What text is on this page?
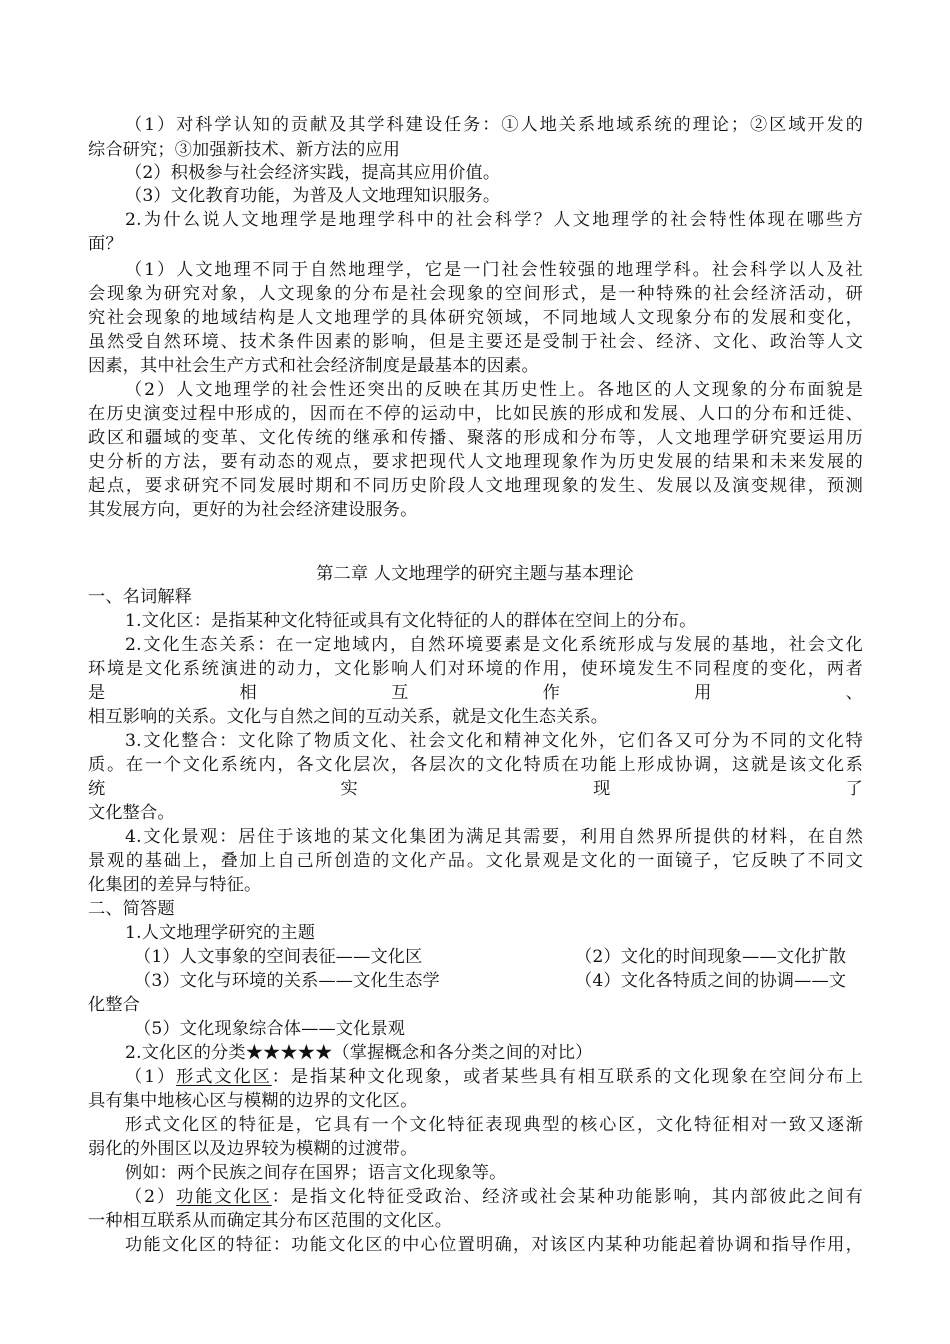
（1）对科学认知的贡献及其学科建设任务：①人地关系地域系统的理论；②区域开发的
综合研究；③加强新技术、新方法的应用
（2）积极参与社会经济实践，提高其应用价值。
（3）文化教育功能，为普及人文地理知识服务。
2.为什么说人文地理学是地理学科中的社会科学？人文地理学的社会特性体现在哪些方
面？
（1）人文地理不同于自然地理学，它是一门社会性较强的地理学科。社会科学以人及社
会现象为研究对象，人文现象的分布是社会现象的空间形式，是一种特殊的社会经济活动，研
究社会现象的地域结构是人文地理学的具体研究领域，不同地域人文现象分布的发展和变化，
虽然受自然环境、技术条件因素的影响，但是主要还是受制于社会、经济、文化、政治等人文
因素，其中社会生产方式和社会经济制度是最基本的因素。
（2）人文地理学的社会性还突出的反映在其历史性上。各地区的人文现象的分布面貌是
在历史演变过程中形成的，因而在不停的运动中，比如民族的形成和发展、人口的分布和迁徙、
政区和疆域的变革、文化传统的继承和传播、聚落的形成和分布等，人文地理学研究要运用历
史分析的方法，要有动态的观点，要求把现代人文地理现象作为历史发展的结果和未来发展的
起点，要求研究不同发展时期和不同历史阶段人文地理现象的发生、发展以及演变规律，预测
其发展方向，更好的为社会经济建设服务。
第二章 人文地理学的研究主题与基本理论
一、名词解释
1.文化区：是指某种文化特征或具有文化特征的人的群体在空间上的分布。
2.文化生态关系：在一定地域内，自然环境要素是文化系统形成与发展的基地，社会文化
环境是文化系统演进的动力，文化影响人们对环境的作用，使环境发生不同程度的变化，两者
是相互作用、
相互影响的关系。文化与自然之间的互动关系，就是文化生态关系。
3.文化整合：文化除了物质文化、社会文化和精神文化外，它们各又可分为不同的文化特
质。在一个文化系统内，各文化层次，各层次的文化特质在功能上形成协调，这就是该文化系
统实现了
文化整合。
4.文化景观：居住于该地的某文化集团为满足其需要，利用自然界所提供的材料，在自然
景观的基础上，叠加上自己所创造的文化产品。文化景观是文化的一面镜子，它反映了不同文
化集团的差异与特征。
二、简答题
1.人文地理学研究的主题
（1）人文事象的空间表征——文化区	（2）文化的时间现象——文化扩散
（3）文化与环境的关系——文化生态学	（4）文化各特质之间的协调——文
化整合
（5）文化现象综合体——文化景观
2.文化区的分类★★★★★（掌握概念和各分类之间的对比）
（1）形式文化区：是指某种文化现象，或者某些具有相互联系的文化现象在空间分布上
具有集中地核心区与模糊的边界的文化区。
形式文化区的特征是，它具有一个文化特征表现典型的核心区，文化特征相对一致又逐渐
弱化的外围区以及边界较为模糊的过渡带。
例如：两个民族之间存在国界；语言文化现象等。
（2）功能文化区：是指文化特征受政治、经济或社会某种功能影响，其内部彼此之间有
一种相互联系从而确定其分布区范围的文化区。
功能文化区的特征：功能文化区的中心位置明确，对该区内某种功能起着协调和指导作用，
